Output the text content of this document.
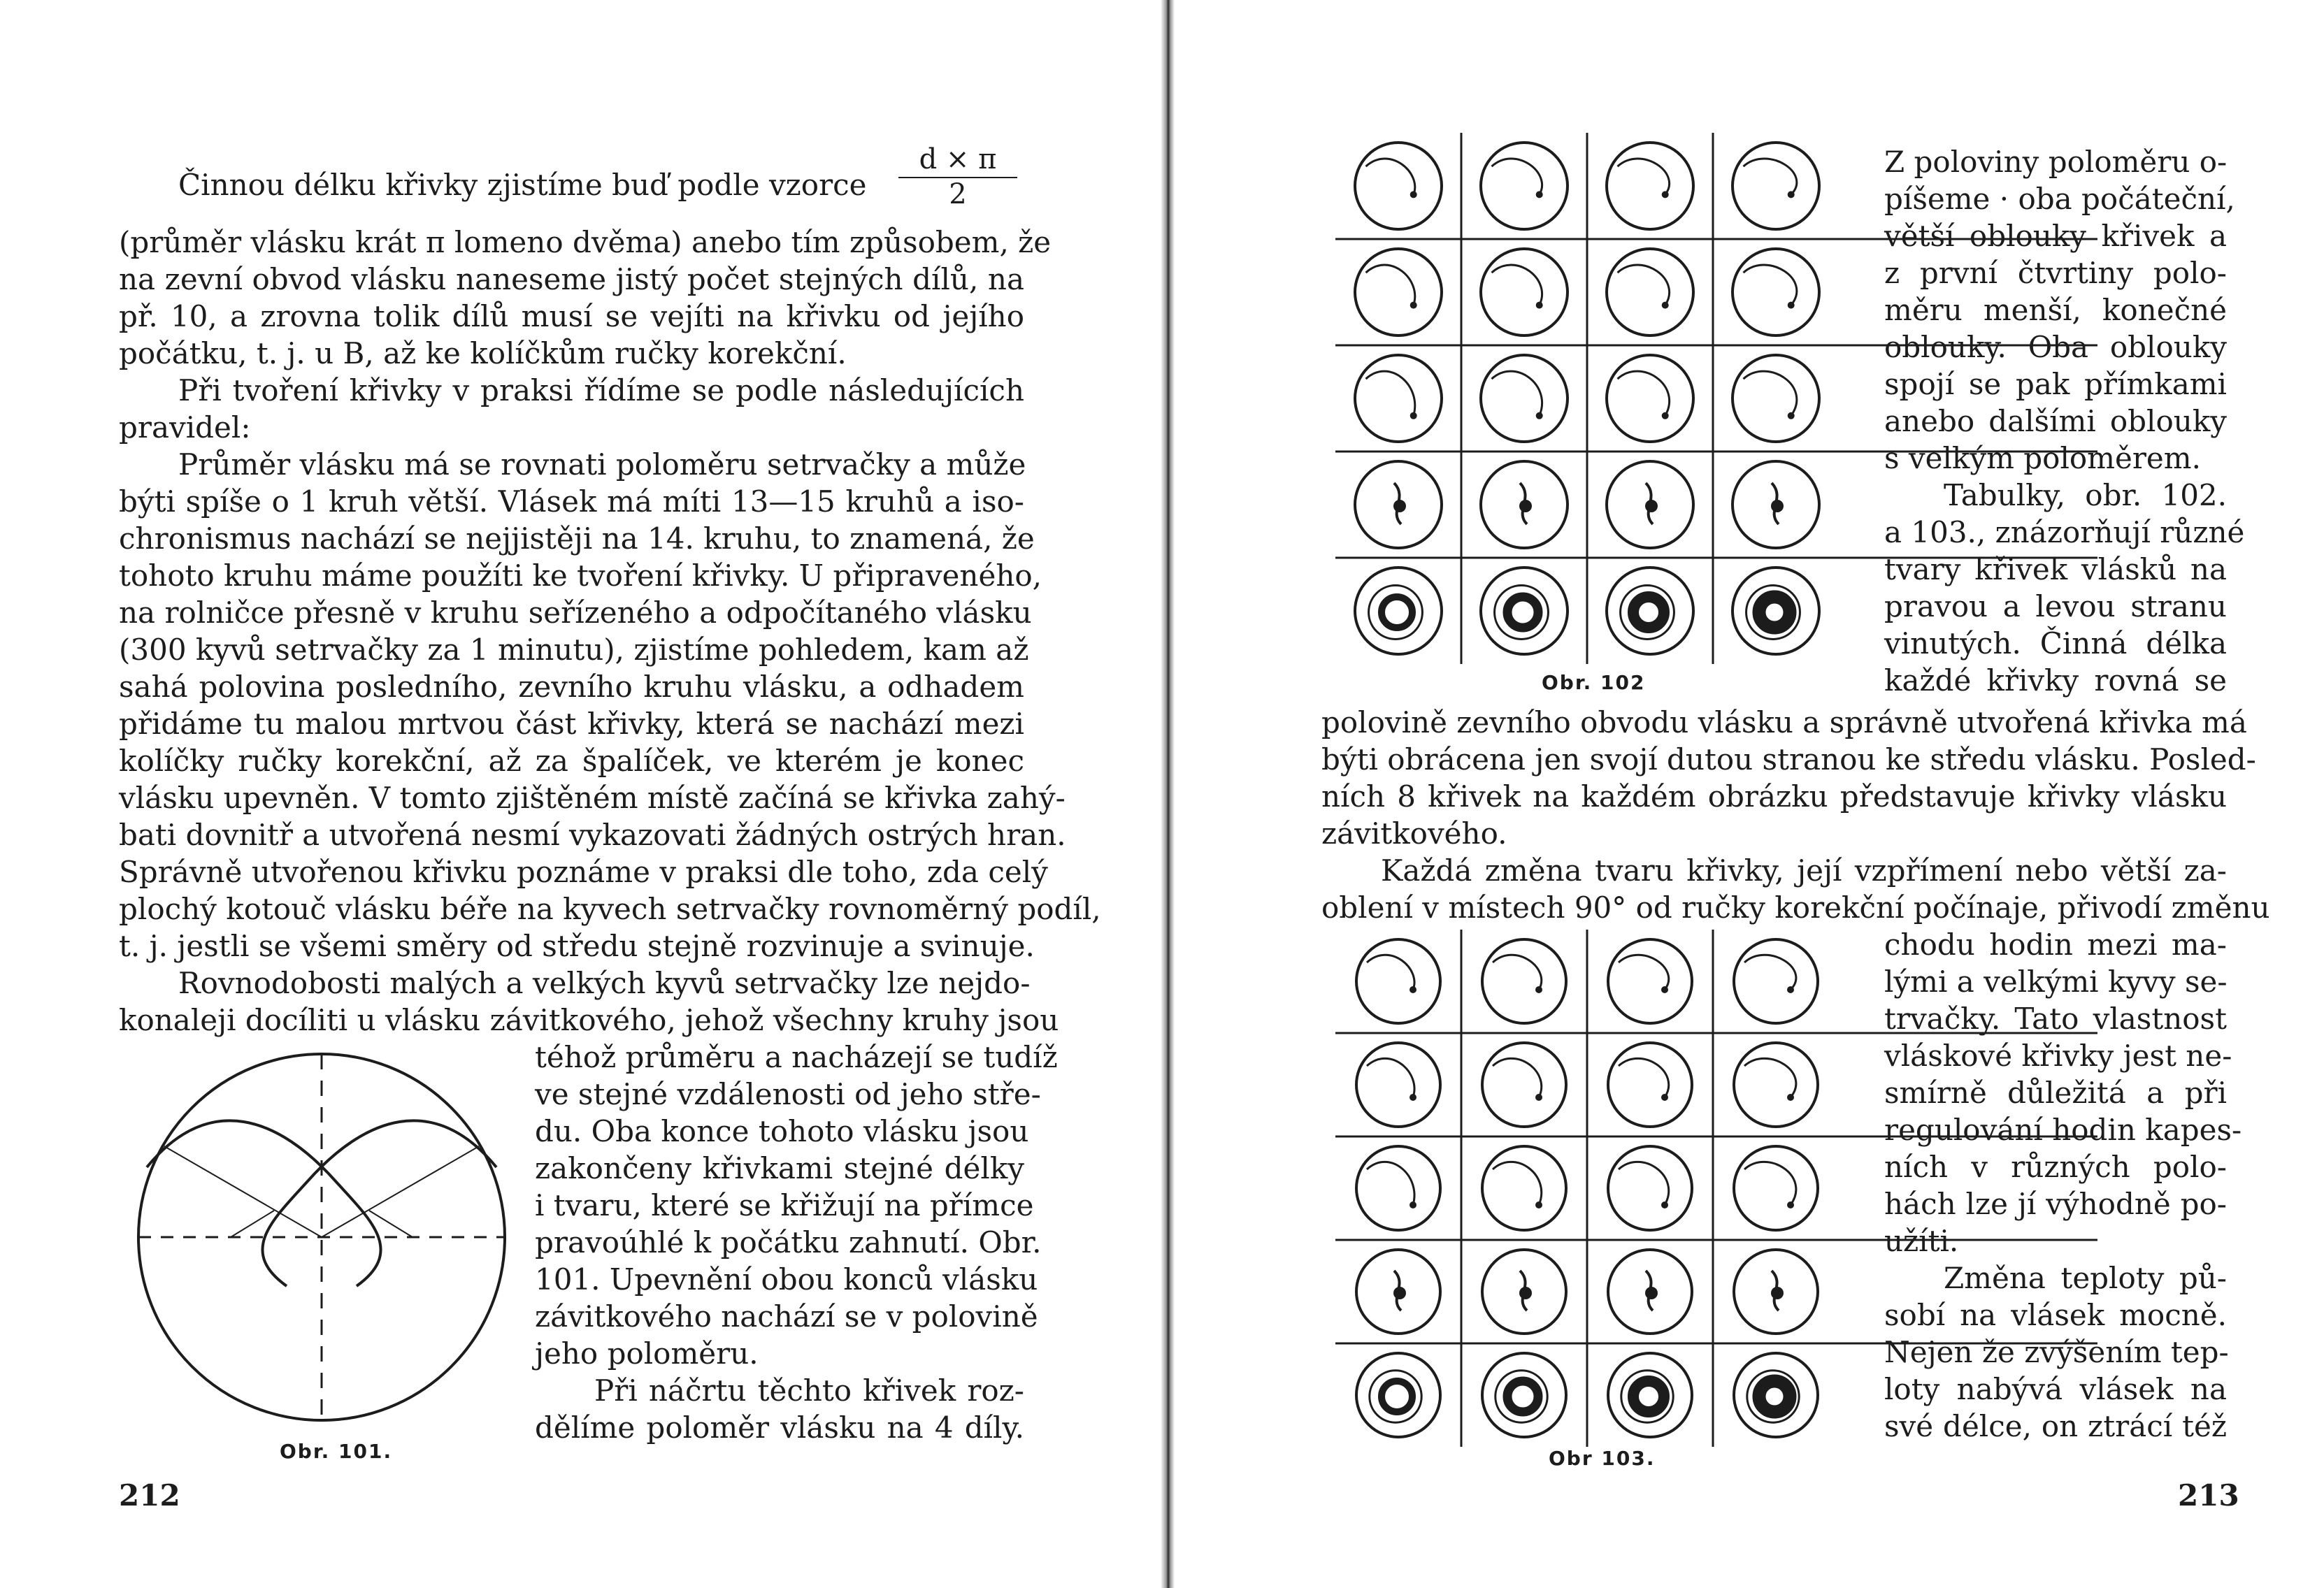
$\frac{d \times \pi}{2}$
Činnou délku křivky zjistíme buď podle vzorce
(průměr vlásku krát π lomeno dvěma) anebo tím způsobem, že
na zevní obvod vlásku naneseme jistý počet stejných dílů, na
př. 10, a zrovna tolik dílů musí se vejíti na křivku od jejího
počátku, t. j. u B, až ke kolíčkům ručky korekční.
Při tvoření křivky v praksi řídíme se podle následujících
pravidel:
Průměr vlásku má se rovnati poloměru setrvačky a může
býti spíše o 1 kruh větší. Vlásek má míti 13—15 kruhů a iso-
chronismus nachází se nejjistěji na 14. kruhu, to znamená, že
tohoto kruhu máme použíti ke tvoření křivky. U připraveného,
na rolničce přesně v kruhu seřízeného a odpočítaného vlásku
(300 kyvů setrvačky za 1 minutu), zjistíme pohledem, kam až
sahá polovina posledního, zevního kruhu vlásku, a odhadem
přidáme tu malou mrtvou část křivky, která se nachází mezi
kolíčky ručky korekční, až za špalíček, ve kterém je konec
vlásku upevněn. V tomto zjištěném místě začíná se křivka zahý-
bati dovnitř a utvořená nesmí vykazovati žádných ostrých hran.
Správně utvořenou křivku poznáme v praksi dle toho, zda celý
plochý kotouč vlásku béře na kyvech setrvačky rovnoměrný podíl,
t. j. jestli se všemi směry od středu stejně rozvinuje a svinuje.
Rovnodobosti malých a velkých kyvů setrvačky lze nejdo-
konaleji docíliti u vlásku závitkového, jehož všechny kruhy jsou
téhož průměru a nacházejí se tudíž
ve stejné vzdálenosti od jeho stře-
du. Oba konce tohoto vlásku jsou
zakončeny křivkami stejné délky
i tvaru, které se křižují na přímce
pravoúhlé k počátku zahnutí. Obr.
101. Upevnění obou konců vlásku
závitkového nachází se v polovině
jeho poloměru.
Při náčrtu těchto křivek roz-
dělíme poloměr vlásku na 4 díly.
Obr. 101.
212
Obr. 102
Z poloviny poloměru o-
píšeme · oba počáteční,
větší oblouky křivek a
z první čtvrtiny polo-
měru menší, konečné
oblouky. Oba oblouky
spojí se pak přímkami
anebo dalšími oblouky
s velkým poloměrem.
Tabulky, obr. 102.
a 103., znázorňují různé
tvary křivek vlásků na
pravou a levou stranu
vinutých. Činná délka
každé křivky rovná se
polovině zevního obvodu vlásku a správně utvořená křivka má
býti obrácena jen svojí dutou stranou ke středu vlásku. Posled-
ních 8 křivek na každém obrázku představuje křivky vlásku
závitkového.
Každá změna tvaru křivky, její vzpřímení nebo větší za-
oblení v místech 90° od ručky korekční počínaje, přivodí změnu
Obr 103.
chodu hodin mezi ma-
lými a velkými kyvy se-
trvačky. Tato vlastnost
vláskové křivky jest ne-
smírně důležitá a při
regulování hodin kapes-
ních v různých polo-
hách lze jí výhodně po-
užíti.
Změna teploty pů-
sobí na vlásek mocně.
Nejen že zvýšením tep-
loty nabývá vlásek na
své délce, on ztrácí též
213
